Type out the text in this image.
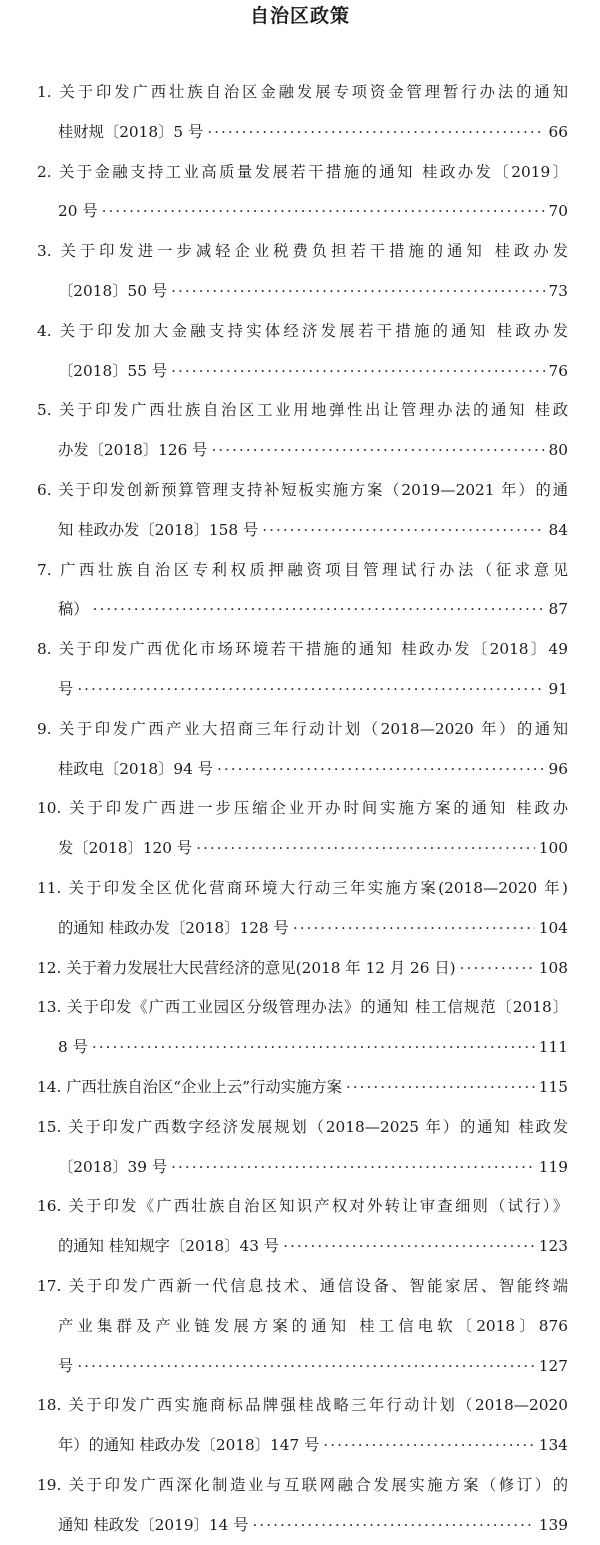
自治区政策
1. 关于印发广西壮族自治区金融发展专项资金管理暂行办法的通知
桂财规〔2018〕5 号 ·····	66
2. 关于金融支持工业高质量发展若干措施的通知 桂政办发〔2019〕
20 号 ·····	70
3. 关于印发进一步减轻企业税费负担若干措施的通知 桂政办发
〔2018〕50 号 ·····	73
4. 关于印发加大金融支持实体经济发展若干措施的通知 桂政办发
〔2018〕55 号 ·····	76
5. 关于印发广西壮族自治区工业用地弹性出让管理办法的通知 桂政
办发〔2018〕126 号 ·····	80
6. 关于印发创新预算管理支持补短板实施方案（2019—2021 年）的通
知 桂政办发〔2018〕158 号 ·····	84
7. 广西壮族自治区专利权质押融资项目管理试行办法（征求意见
稿） ·····	87
8. 关于印发广西优化市场环境若干措施的通知 桂政办发〔2018〕49
号 ·····	91
9. 关于印发广西产业大招商三年行动计划（2018—2020 年）的通知
桂政电〔2018〕94 号 ·····	96
10. 关于印发广西进一步压缩企业开办时间实施方案的通知 桂政办
发〔2018〕120 号 ·····	100
11. 关于印发全区优化营商环境大行动三年实施方案(2018—2020 年)
的通知 桂政办发〔2018〕128 号 ·····	104
12. 关于着力发展壮大民营经济的意见(2018 年 12 月 26 日) ·····	108
13. 关于印发《广西工业园区分级管理办法》的通知 桂工信规范〔2018〕
8 号 ·····	111
14. 广西壮族自治区“企业上云”行动实施方案 ·····	115
15. 关于印发广西数字经济发展规划（2018—2025 年）的通知 桂政发
〔2018〕39 号 ·····	119
16. 关于印发《广西壮族自治区知识产权对外转让审查细则（试行）》
的通知 桂知规字〔2018〕43 号 ·····	123
17. 关于印发广西新一代信息技术、通信设备、智能家居、智能终端
产业集群及产业链发展方案的通知 桂工信电软〔2018〕876
号 ·····	127
18. 关于印发广西实施商标品牌强桂战略三年行动计划（2018—2020
年）的通知 桂政办发〔2018〕147 号 ·····	134
19. 关于印发广西深化制造业与互联网融合发展实施方案（修订）的
通知 桂政发〔2019〕14 号 ·····	139
